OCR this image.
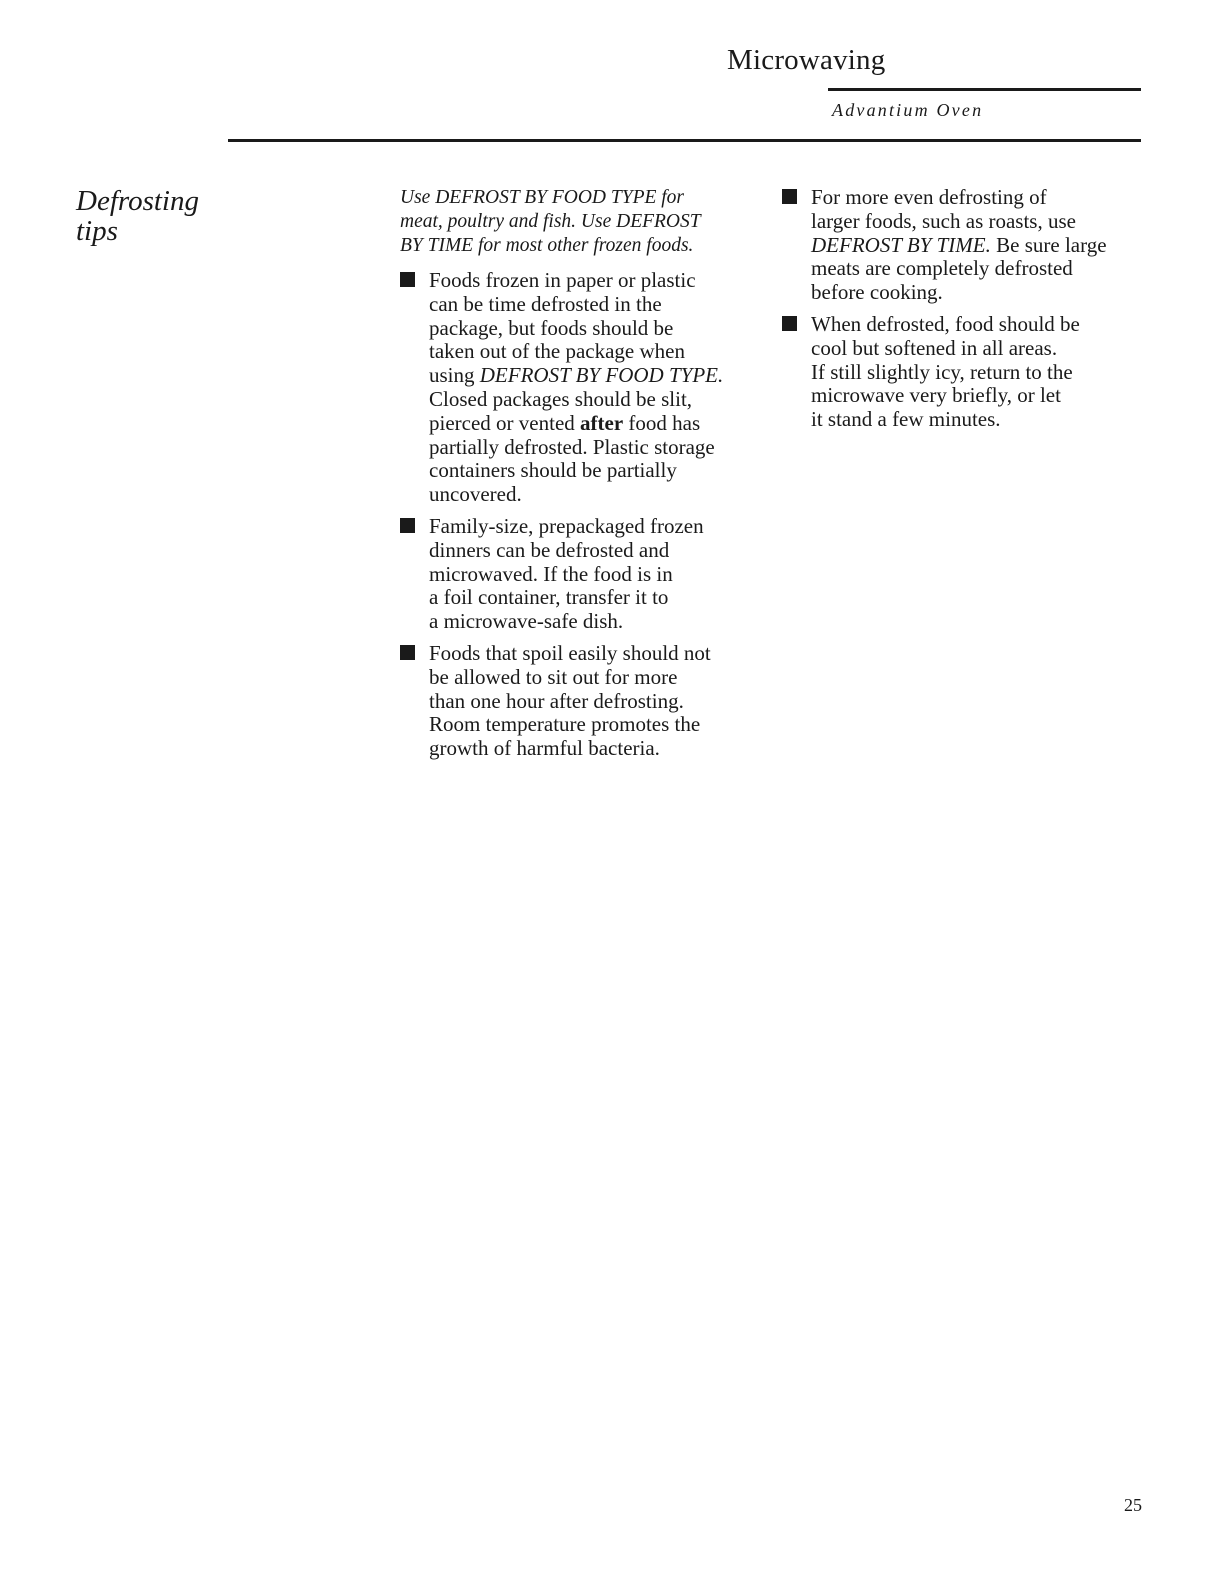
Microwaving
Advantium Oven
Defrosting
tips
Use DEFROST BY FOOD TYPE for
meat, poultry and fish. Use DEFROST
BY TIME for most other frozen foods.
Foods frozen in paper or plastic
can be time defrosted in the
package, but foods should be
taken out of the package when
using DEFROST BY FOOD TYPE.
Closed packages should be slit,
pierced or vented after food has
partially defrosted. Plastic storage
containers should be partially
uncovered.
Family-size, prepackaged frozen
dinners can be defrosted and
microwaved. If the food is in
a foil container, transfer it to
a microwave-safe dish.
Foods that spoil easily should not
be allowed to sit out for more
than one hour after defrosting.
Room temperature promotes the
growth of harmful bacteria.
For more even defrosting of
larger foods, such as roasts, use
DEFROST BY TIME. Be sure large
meats are completely defrosted
before cooking.
When defrosted, food should be
cool but softened in all areas.
If still slightly icy, return to the
microwave very briefly, or let
it stand a few minutes.
25
